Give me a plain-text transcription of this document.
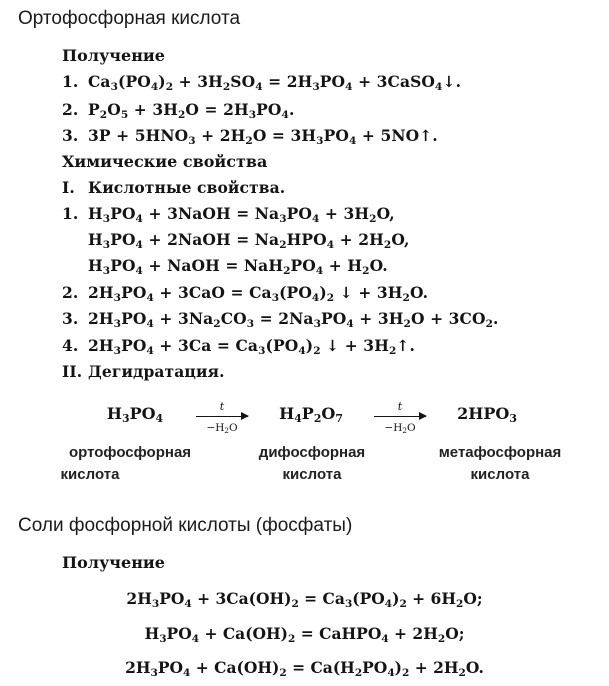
Ортофосфорная кислота
Получение
1. $Ca_3(PO_4)_2 + 3H_2SO_4 = 2H_3PO_4$ + 3CaSO$_4$↓.
2. $P_2O_5 + 3H_2O = 2H_3PO_4$.
3. $3P + 5HNO_3 + 2H_2O = 3H_3PO_4$ + 5NO↑.
Химические свойства
I. Кислотные свойства.
1. $H_3PO_4$ + 3NaOH = $Na_3PO_4 + 3H_2O$,
$H_3PO_4$ + 2NaOH = $Na_2HPO_4 + 2H_2O$,
$H_3PO_4$ + NaOH = $NaH_2PO_4 + H_2O$.
2. $2H_3PO_4 + 3CaO = Ca_3(PO_4)_2$ ↓ + $3H_2O$.
3. $2H_3PO_4 + 3Na_2CO_3 = 2Na_3PO_4 + 3H_2O + 3CO_2$.
4. $2H_3PO_4 + 3Ca = Ca_3(PO_4)_2$ ↓ + $3H_2↑$.
II. Дегидратация.
$H_3PO_4$	$H_4P_2O_7$	$2HPO_3$
t
$-H_2O$
t
$-H_2O$
ортофосфорная
кислота
дифосфорная
кислота
метафосфорная
кислота
Соли фосфорной кислоты (фосфаты)
Получение
$2H_3PO_4 + 3Ca(OH)_2 = Ca_3(PO_4)_2 + 6H_2O$;
$H_3PO_4 + Ca(OH)_2$ = CaHPO$_4$ + $2H_2O$;
$2H_3PO_4 + Ca(OH)_2 = Ca(H_2PO_4)_2 + 2H_2O$.
